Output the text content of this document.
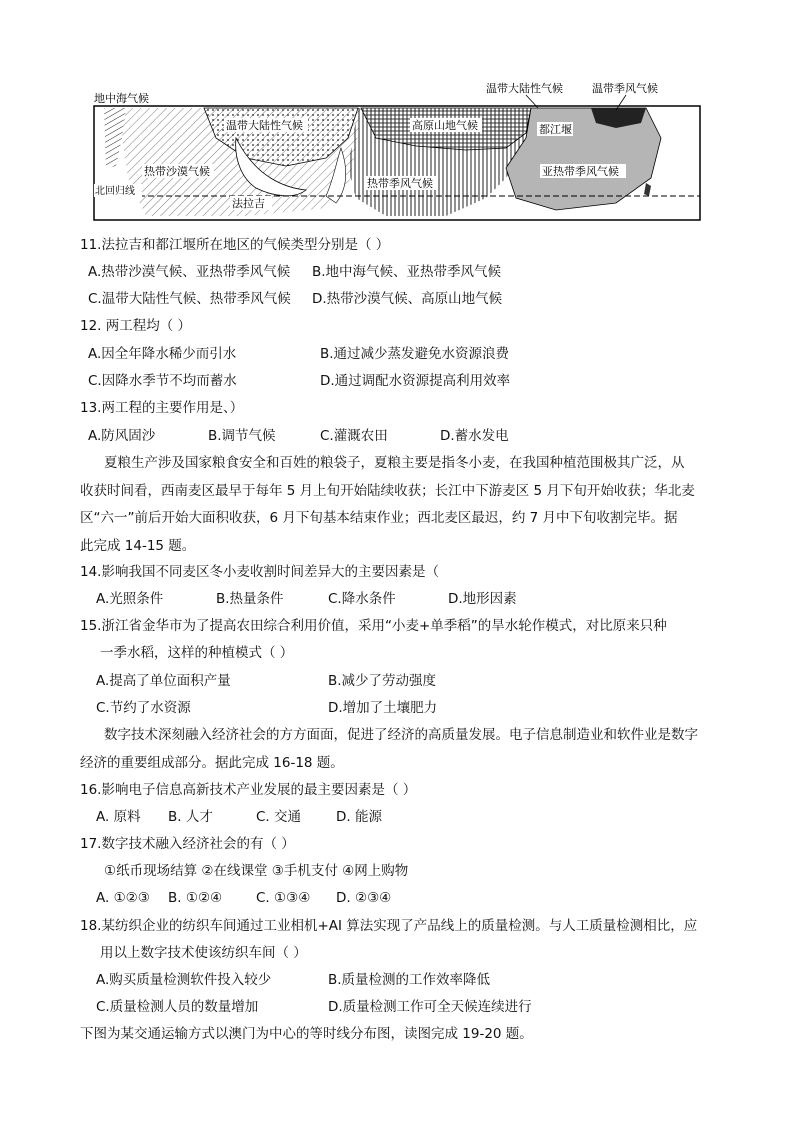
地中海气候
温带大陆性气候	温带季风气候
温带大陆性气候	高原山地气候	都江堰
热带沙漠气候
热带季风气候
亚热带季风气候
北回归线
法拉吉
11.法拉吉和都江堰所在地区的气候类型分别是（ ）
A.热带沙漠气候、亚热带季风气候 B.地中海气候、亚热带季风气候
C.温带大陆性气候、热带季风气候 D.热带沙漠气候、高原山地气候
12. 两工程均（ ）
A.因全年降水稀少而引水	B.通过减少蒸发避免水资源浪费
C.因降水季节不均而蓄水	D.通过调配水资源提高利用效率
13.两工程的主要作用是、）
A.防风固沙	B.调节气候	C.灌溉农田	D.蓄水发电
夏粮生产涉及国家粮食安全和百姓的粮袋子，夏粮主要是指冬小麦，在我国种植范围极其广泛，从
收获时间看，西南麦区最早于每年 5 月上旬开始陆续收获；长江中下游麦区 5 月下旬开始收获；华北麦
区“六一”前后开始大面积收获，6 月下旬基本结束作业；西北麦区最迟，约 7 月中下旬收割完毕。据
此完成 14-15 题。
14.影响我国不同麦区冬小麦收割时间差异大的主要因素是（
A.光照条件	B.热量条件	C.降水条件	D.地形因素
15.浙江省金华市为了提高农田综合利用价值，采用“小麦+单季稻”的旱水轮作模式，对比原来只种
一季水稻，这样的种植模式（ ）
A.提高了单位面积产量	B.减少了劳动强度
C.节约了水资源	D.增加了土壤肥力
数字技术深刻融入经济社会的方方面面，促进了经济的高质量发展。电子信息制造业和软件业是数字
经济的重要组成部分。据此完成 16-18 题。
16.影响电子信息高新技术产业发展的最主要因素是（ ）
A. 原料 B. 人才	C. 交通	D. 能源
17.数字技术融入经济社会的有（ ）
①纸币现场结算 ②在线课堂 ③手机支付 ④网上购物
A. ①②③ B. ①②④	C. ①③④ D. ②③④
18.某纺织企业的纺织车间通过工业相机+AI 算法实现了产品线上的质量检测。与人工质量检测相比，应
用以上数字技术使该纺织车间（ ）
A.购买质量检测软件投入较少	B.质量检测的工作效率降低
C.质量检测人员的数量增加	D.质量检测工作可全天候连续进行
下图为某交通运输方式以澳门为中心的等时线分布图，读图完成 19-20 题。
